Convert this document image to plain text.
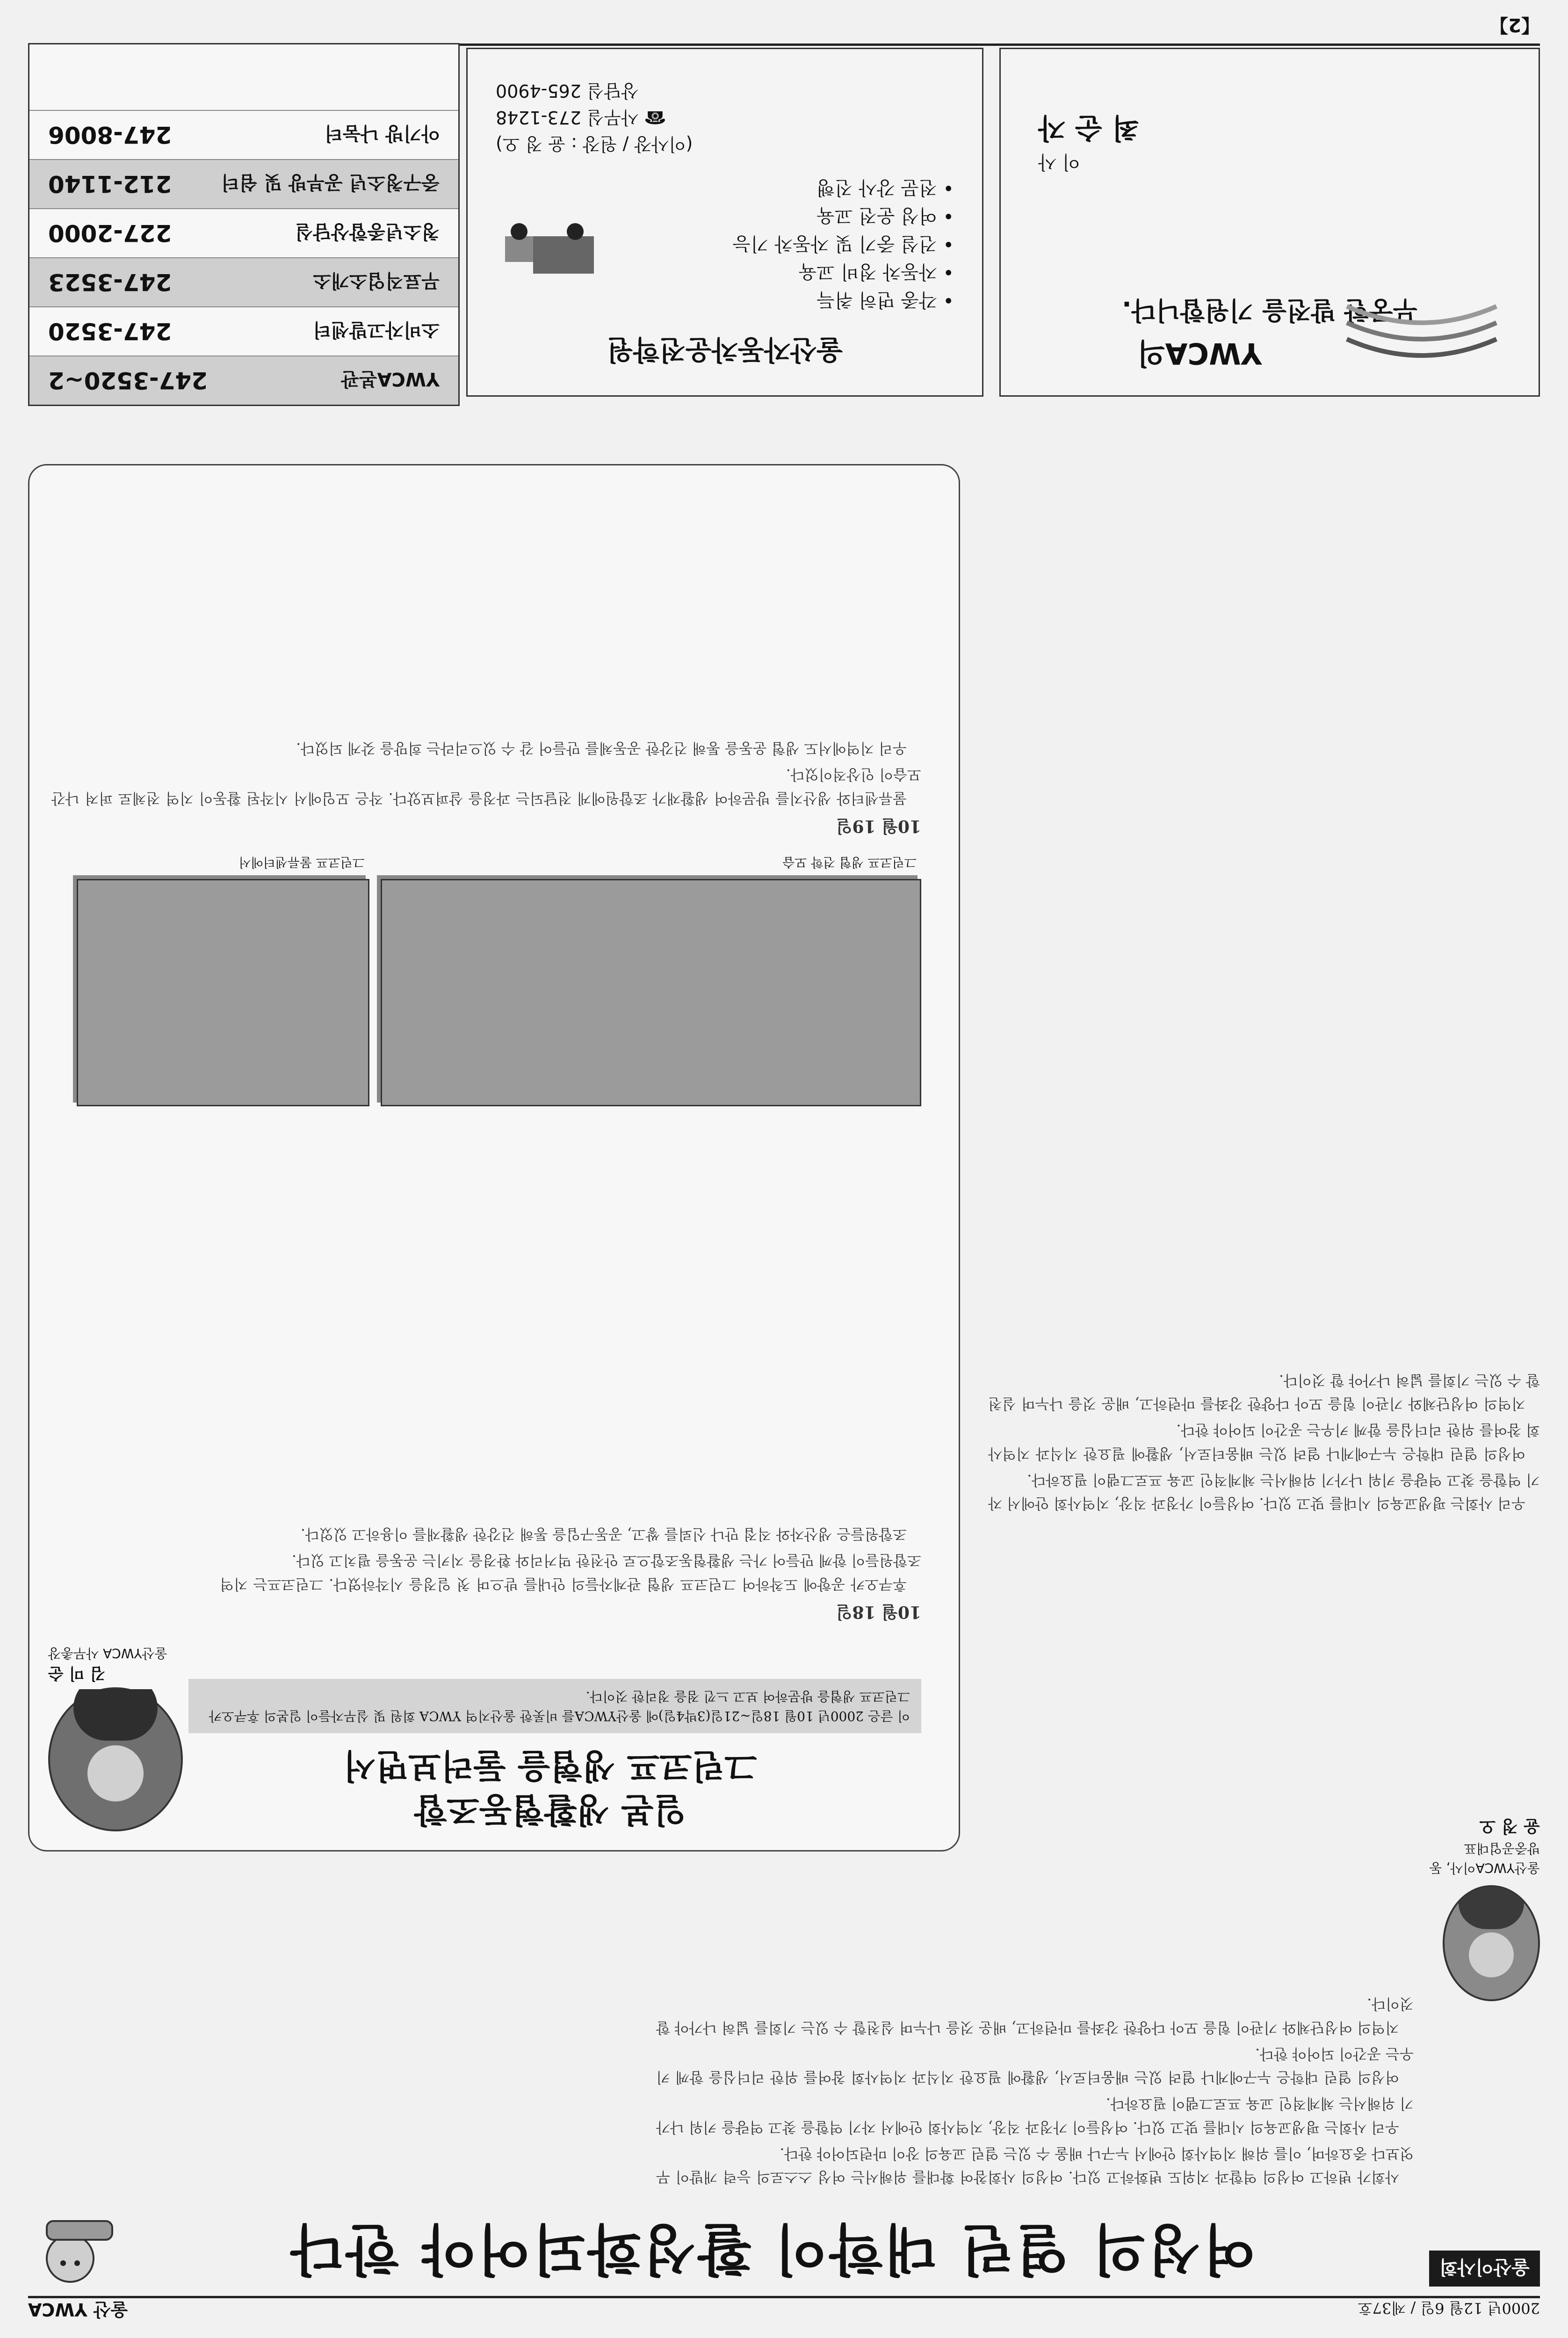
2000년 12월 6일 / 제37호
울산 YWCA
【2】
울산이사회
여성의 열린 대학이 활성화되어야 한다
울산YWCA이사, 동방중공업대표
윤 정 오

사회가 변하고 여성의 역할과 지위도 변화하고 있다. 여성의 사회참여 확대를 위해서는 여성 스스로의 능력 개발이 무엇보다 중요하며, 이를 위해 지역사회 안에서 누구나 배울 수 있는 열린 교육의 장이 마련되어야 한다.

우리 사회는 평생교육의 시대를 맞고 있다. 여성들이 가정과 직장, 지역사회 안에서 자기 역할을 찾고 역량을 키워 나가기 위해서는 체계적인 교육 프로그램이 필요하다.

여성의 열린 대학은 누구에게나 열려 있는 배움터로서, 생활에 필요한 지식과 지역사회 참여를 위한 리더십을 함께 키우는 공간이 되어야 한다.

지역의 여성단체와 기관이 힘을 모아 다양한 강좌를 마련하고, 배운 것을 나누며 실천할 수 있는 기회를 넓혀 나가야 할 것이다.

우리 사회는 평생교육의 시대를 맞고 있다. 여성들이 가정과 직장, 지역사회 안에서 자기 역할을 찾고 역량을 키워 나가기 위해서는 체계적인 교육 프로그램이 필요하다.

여성의 열린 대학은 누구에게나 열려 있는 배움터로서, 생활에 필요한 지식과 지역사회 참여를 위한 리더십을 함께 키우는 공간이 되어야 한다.

지역의 여성단체와 기관이 힘을 모아 다양한 강좌를 마련하고, 배운 것을 나누며 실천할 수 있는 기회를 넓혀 나가야 할 것이다.

일본 생활협동조합
그린코프 생협을 둘러보면서
김 미 순
울산YWCA 사무총장
이 글은 2000년 10월 18일~21일(3박4일)에 울산YWCA를 비롯한 울산지역 YWCA 회원 및 실무자들이 일본의 후쿠오카 그린코프 생협을 방문하여 보고 느낀 점을 정리한 것이다.

10월 18일

후쿠오카 공항에 도착하여 그린코프 생협 관계자들의 안내를 받으며 첫 일정을 시작하였다. 그린코프는 지역 조합원들이 함께 만들어 가는 생활협동조합으로 안전한 먹거리와 환경을 지키는 운동을 펼치고 있다.

조합원들은 생산자와 직접 만나 신뢰를 쌓고, 공동구입을 통해 건강한 생활재를 이용하고 있었다.

그린코프 생협 견학 모습
그린코프 물류센터에서

10월 19일

물류센터와 생산지를 방문하여 생활재가 조합원에게 전달되는 과정을 살펴보았다. 작은 모임에서 시작된 활동이 지역 전체로 퍼져 나간 모습이 인상적이었다.

우리 지역에서도 생협 운동을 통해 건강한 공동체를 만들어 갈 수 있으리라는 희망을 갖게 되었다.

YWCA의
무궁한 발전을 기원합니다.
이 사
최 순 자
울산자동차운전학원
• 각종 면허 취득
• 자동차 정비 교육
• 건설 중기 및 자동차 기능
• 여성 운전 교육
• 전문 강사 진행
(이사장 / 원장 : 윤 정 오)
☎ 사무실 273-1248
상담실 265-4900
YWCA본관
247-3520~2
소비자고발센터
247-3520
무료직업소개소
247-3523
청소년종합상담실
227-2000
중구청소년 공부방 및 쉼터
212-1140
아기방 나눔터
247-8006
